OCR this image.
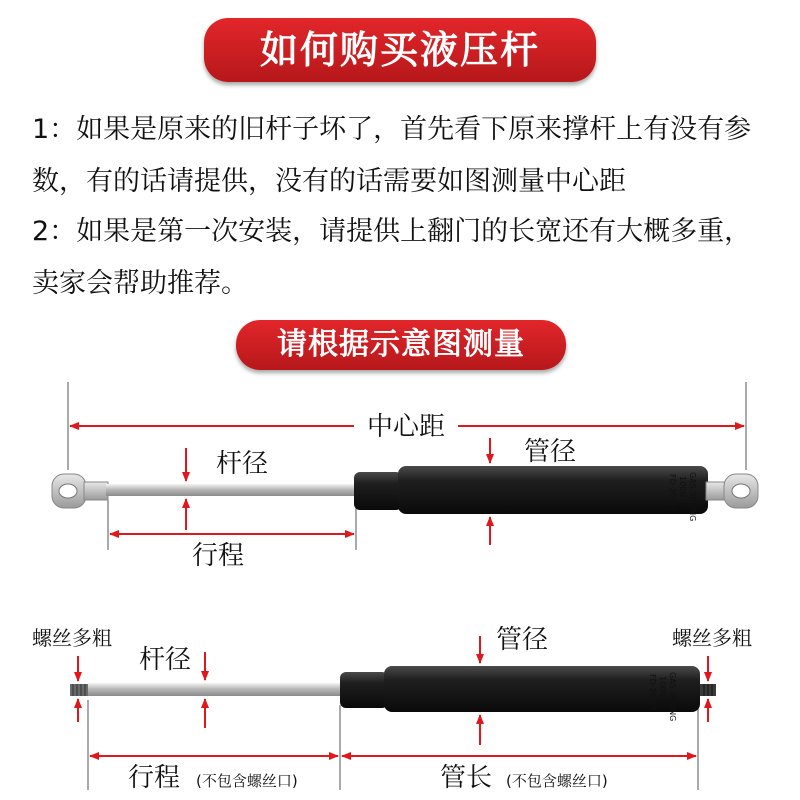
如何购买液压杆

1：如果是原来的旧杆子坏了，首先看下原来撑杆上有没有参数，有的话请提供，没有的话需要如图测量中心距

2：如果是第一次安装，请提供上翻门的长宽还有大概多重，卖家会帮助推荐。

请根据示意图测量
GAS SPRING
100N
FD-20-18
中心距
杆径	管径
行程
螺丝多粗	螺丝多粗
GAS SPRING
100N
FD-20-18
杆径
管径
行程 (不包含螺丝口)	管长 (不包含螺丝口)
